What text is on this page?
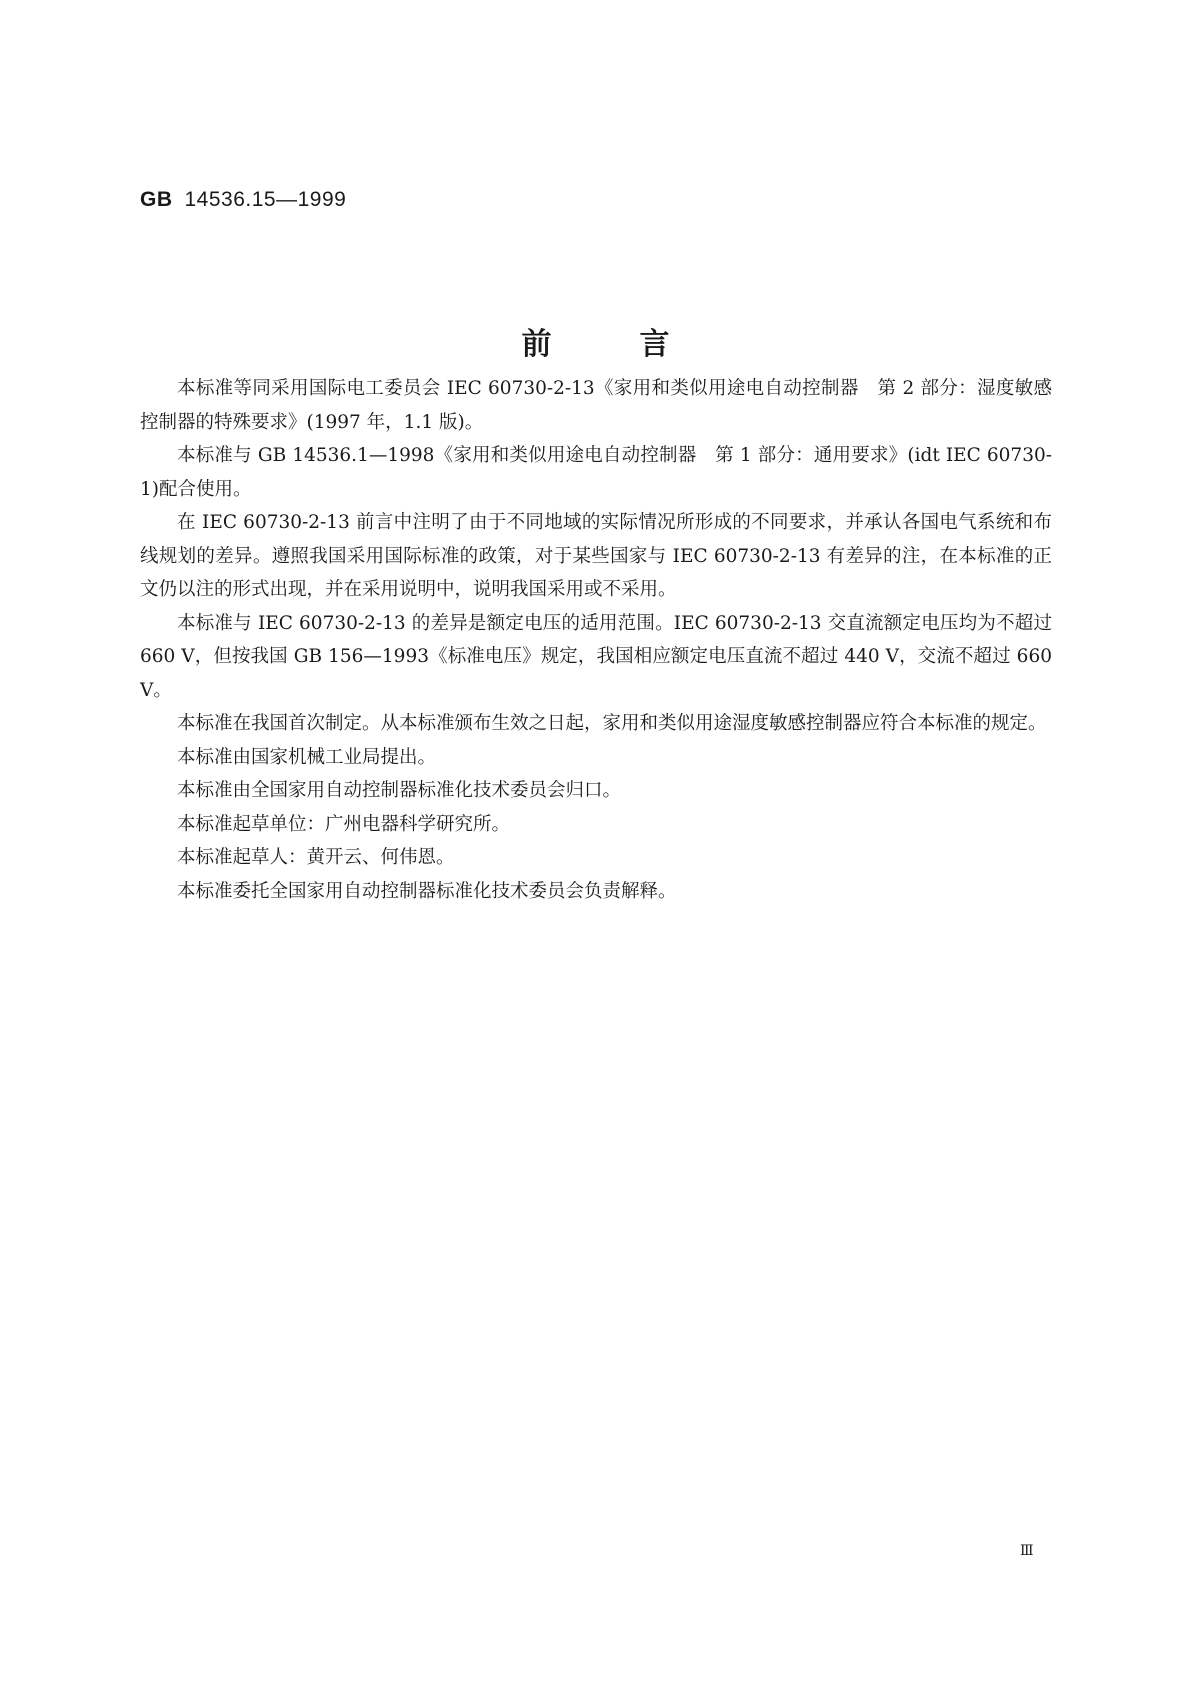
GB 14536.15—1999
前言

本标准等同采用国际电工委员会 IEC 60730-2-13《家用和类似用途电自动控制器　第 2 部分：湿度敏感控制器的特殊要求》(1997 年，1.1 版)。

本标准与 GB 14536.1—1998《家用和类似用途电自动控制器　第 1 部分：通用要求》(idt IEC 60730-1)配合使用。

在 IEC 60730-2-13 前言中注明了由于不同地域的实际情况所形成的不同要求，并承认各国电气系统和布线规划的差异。遵照我国采用国际标准的政策，对于某些国家与 IEC 60730-2-13 有差异的注，在本标准的正文仍以注的形式出现，并在采用说明中，说明我国采用或不采用。

本标准与 IEC 60730-2-13 的差异是额定电压的适用范围。IEC 60730-2-13 交直流额定电压均为不超过 660 V，但按我国 GB 156—1993《标准电压》规定，我国相应额定电压直流不超过 440 V，交流不超过 660 V。

本标准在我国首次制定。从本标准颁布生效之日起，家用和类似用途湿度敏感控制器应符合本标准的规定。

本标准由国家机械工业局提出。

本标准由全国家用自动控制器标准化技术委员会归口。

本标准起草单位：广州电器科学研究所。

本标准起草人：黄开云、何伟恩。

本标准委托全国家用自动控制器标准化技术委员会负责解释。

Ⅲ
